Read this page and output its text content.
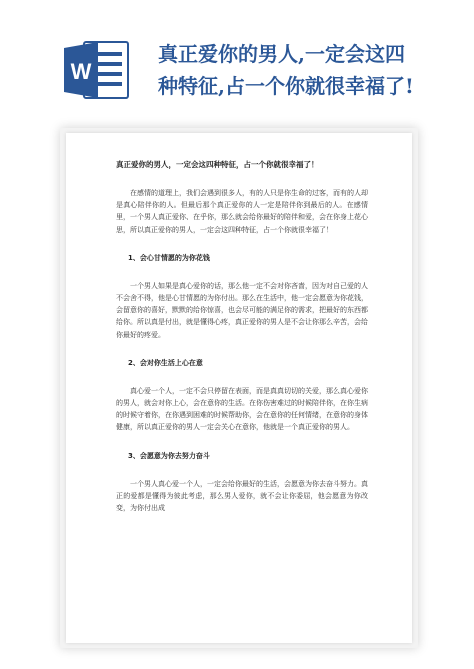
W
真正爱你的男人,一定会这四
种特征,占一个你就很幸福了!
真正爱你的男人，一定会这四种特征，占一个你就很幸福了！

在感情的道理上，我们会遇到很多人，有的人只是你生命的过客，而有的人却是真心陪伴你的人。但最后那个真正爱你的人一定是陪伴你到最后的人。在感情里，一个男人真正爱你、在乎你，那么就会给你最好的陪伴和爱，会在你身上花心思，所以真正爱你的男人，一定会这四种特征，占一个你就很幸福了！

1、会心甘情愿的为你花钱

一个男人如果是真心爱你的话，那么他一定不会对你吝啬，因为对自己爱的人不会舍不得，他是心甘情愿的为你付出。那么在生活中，他一定会愿意为你花钱，会留意你的喜好，默默的给你惊喜，也会尽可能的满足你的需求，把最好的东西都给你。所以真是付出，就是懂得心疼，真正爱你的男人是不会让你那么辛苦，会给你最好的疼爱。

2、会对你生活上心在意

真心爱一个人，一定不会只停留在表面，而是真真切切的关爱，那么真心爱你的男人，就会对你上心，会在意你的生活。在你伤害难过的时候陪伴你，在你生病的时候守着你，在你遇到困难的时候帮助你，会在意你的任何情绪，在意你的身体健康，所以真正爱你的男人一定会关心在意你，他就是一个真正爱你的男人。

3、会愿意为你去努力奋斗

一个男人真心爱一个人，一定会给你最好的生活，会愿意为你去奋斗努力。真正的爱都是懂得为彼此考虑，那么男人爱你，就不会让你委屈，他会愿意为你改变，为你付出成
